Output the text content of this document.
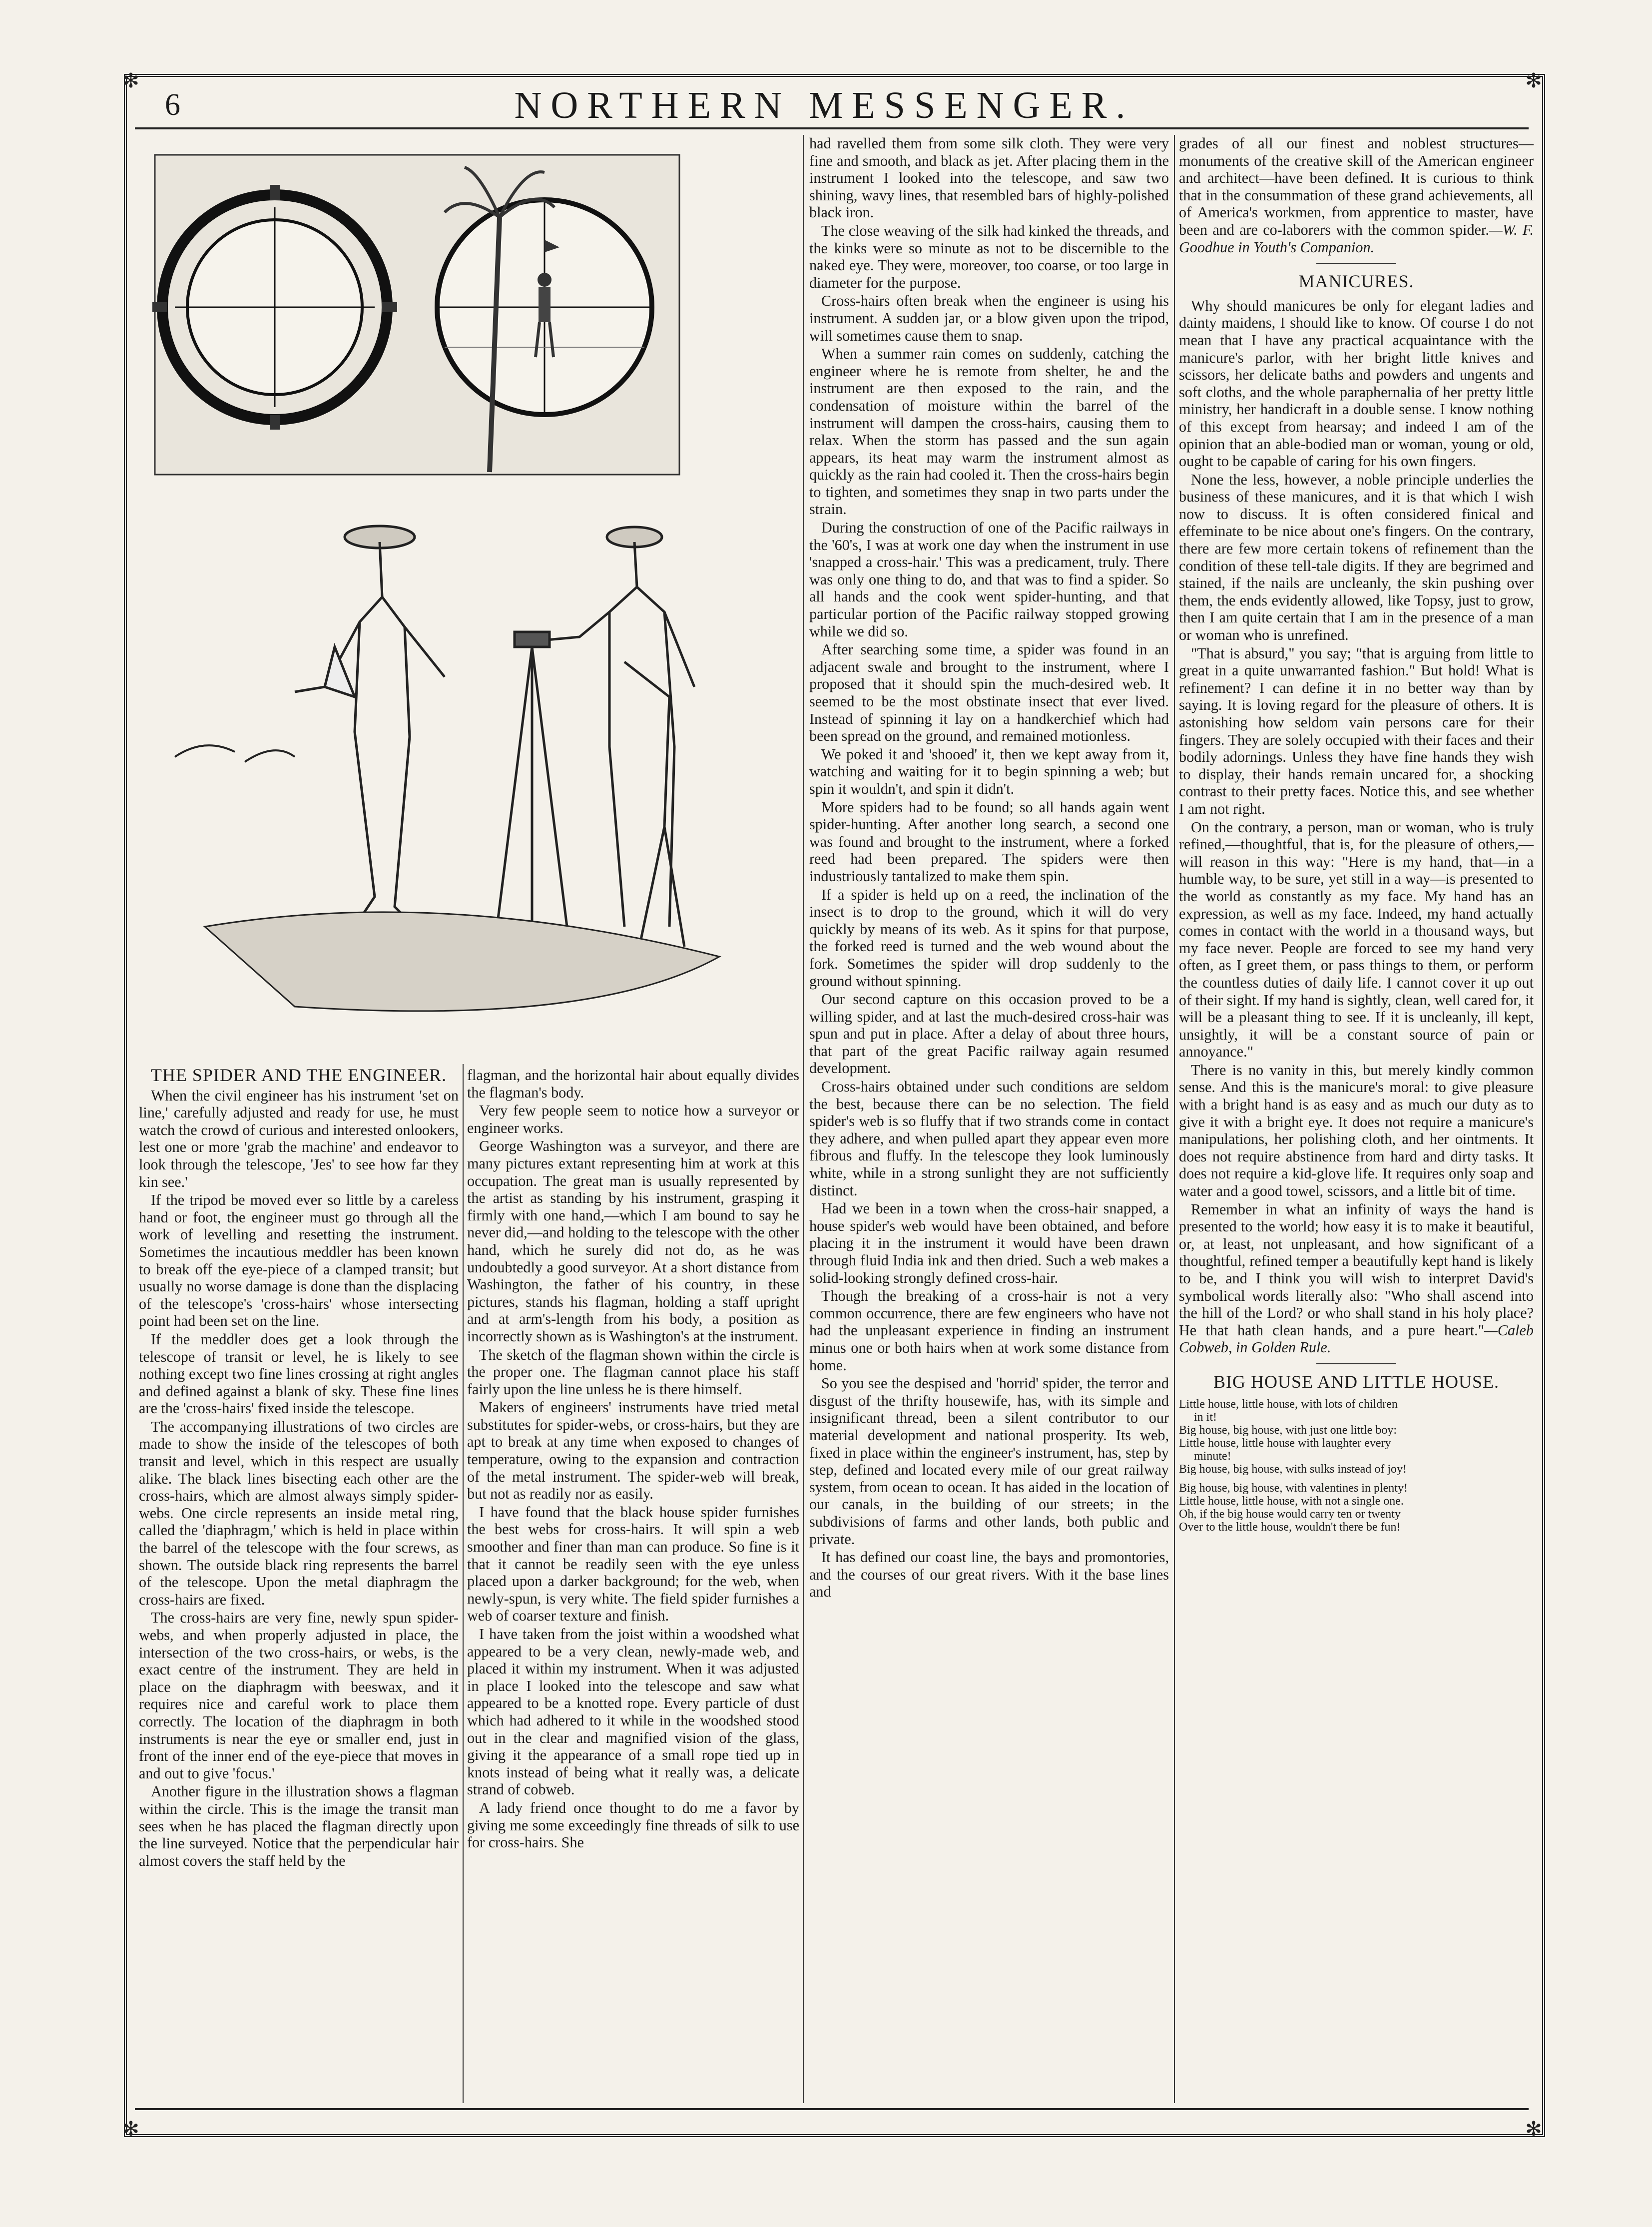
✻	✻
✻	✻
6	NORTHERN MESSENGER.
THE SPIDER AND THE ENGINEER.

When the civil engineer has his instrument 'set on line,' carefully adjusted and ready for use, he must watch the crowd of curious and interested onlookers, lest one or more 'grab the machine' and endeavor to look through the telescope, 'Jes' to see how far they kin see.'

If the tripod be moved ever so little by a careless hand or foot, the engineer must go through all the work of levelling and resetting the instrument. Sometimes the incautious meddler has been known to break off the eye-piece of a clamped transit; but usually no worse damage is done than the displacing of the telescope's 'cross-hairs' whose intersecting point had been set on the line.

If the meddler does get a look through the telescope of transit or level, he is likely to see nothing except two fine lines crossing at right angles and defined against a blank of sky. These fine lines are the 'cross-hairs' fixed inside the telescope.

The accompanying illustrations of two circles are made to show the inside of the telescopes of both transit and level, which in this respect are usually alike. The black lines bisecting each other are the cross-hairs, which are almost always simply spider-webs. One circle represents an inside metal ring, called the 'diaphragm,' which is held in place within the barrel of the telescope with the four screws, as shown. The outside black ring represents the barrel of the telescope. Upon the metal diaphragm the cross-hairs are fixed.

The cross-hairs are very fine, newly spun spider-webs, and when properly adjusted in place, the intersection of the two cross-hairs, or webs, is the exact centre of the instrument. They are held in place on the diaphragm with beeswax, and it requires nice and careful work to place them correctly. The location of the diaphragm in both instruments is near the eye or smaller end, just in front of the inner end of the eye-piece that moves in and out to give 'focus.'

Another figure in the illustration shows a flagman within the circle. This is the image the transit man sees when he has placed the flagman directly upon the line surveyed. Notice that the perpendicular hair almost covers the staff held by the

flagman, and the horizontal hair about equally divides the flagman's body.

Very few people seem to notice how a surveyor or engineer works.

George Washington was a surveyor, and there are many pictures extant representing him at work at this occupation. The great man is usually represented by the artist as standing by his instrument, grasping it firmly with one hand,—which I am bound to say he never did,—and holding to the telescope with the other hand, which he surely did not do, as he was undoubtedly a good surveyor. At a short distance from Washington, the father of his country, in these pictures, stands his flagman, holding a staff upright and at arm's-length from his body, a position as incorrectly shown as is Washington's at the instrument.

The sketch of the flagman shown within the circle is the proper one. The flagman cannot place his staff fairly upon the line unless he is there himself.

Makers of engineers' instruments have tried metal substitutes for spider-webs, or cross-hairs, but they are apt to break at any time when exposed to changes of temperature, owing to the expansion and contraction of the metal instrument. The spider-web will break, but not as readily nor as easily.

I have found that the black house spider furnishes the best webs for cross-hairs. It will spin a web smoother and finer than man can produce. So fine is it that it cannot be readily seen with the eye unless placed upon a darker background; for the web, when newly-spun, is very white. The field spider furnishes a web of coarser texture and finish.

I have taken from the joist within a woodshed what appeared to be a very clean, newly-made web, and placed it within my instrument. When it was adjusted in place I looked into the telescope and saw what appeared to be a knotted rope. Every particle of dust which had adhered to it while in the woodshed stood out in the clear and magnified vision of the glass, giving it the appearance of a small rope tied up in knots instead of being what it really was, a delicate strand of cobweb.

A lady friend once thought to do me a favor by giving me some exceedingly fine threads of silk to use for cross-hairs. She

had ravelled them from some silk cloth. They were very fine and smooth, and black as jet. After placing them in the instrument I looked into the telescope, and saw two shining, wavy lines, that resembled bars of highly-polished black iron.

The close weaving of the silk had kinked the threads, and the kinks were so minute as not to be discernible to the naked eye. They were, moreover, too coarse, or too large in diameter for the purpose.

Cross-hairs often break when the engineer is using his instrument. A sudden jar, or a blow given upon the tripod, will sometimes cause them to snap.

When a summer rain comes on suddenly, catching the engineer where he is remote from shelter, he and the instrument are then exposed to the rain, and the condensation of moisture within the barrel of the instrument will dampen the cross-hairs, causing them to relax. When the storm has passed and the sun again appears, its heat may warm the instrument almost as quickly as the rain had cooled it. Then the cross-hairs begin to tighten, and sometimes they snap in two parts under the strain.

During the construction of one of the Pacific railways in the '60's, I was at work one day when the instrument in use 'snapped a cross-hair.' This was a predicament, truly. There was only one thing to do, and that was to find a spider. So all hands and the cook went spider-hunting, and that particular portion of the Pacific railway stopped growing while we did so.

After searching some time, a spider was found in an adjacent swale and brought to the instrument, where I proposed that it should spin the much-desired web. It seemed to be the most obstinate insect that ever lived. Instead of spinning it lay on a handkerchief which had been spread on the ground, and remained motionless.

We poked it and 'shooed' it, then we kept away from it, watching and waiting for it to begin spinning a web; but spin it wouldn't, and spin it didn't.

More spiders had to be found; so all hands again went spider-hunting. After another long search, a second one was found and brought to the instrument, where a forked reed had been prepared. The spiders were then industriously tantalized to make them spin.

If a spider is held up on a reed, the inclination of the insect is to drop to the ground, which it will do very quickly by means of its web. As it spins for that purpose, the forked reed is turned and the web wound about the fork. Sometimes the spider will drop suddenly to the ground without spinning.

Our second capture on this occasion proved to be a willing spider, and at last the much-desired cross-hair was spun and put in place. After a delay of about three hours, that part of the great Pacific railway again resumed development.

Cross-hairs obtained under such conditions are seldom the best, because there can be no selection. The field spider's web is so fluffy that if two strands come in contact they adhere, and when pulled apart they appear even more fibrous and fluffy. In the telescope they look luminously white, while in a strong sunlight they are not sufficiently distinct.

Had we been in a town when the cross-hair snapped, a house spider's web would have been obtained, and before placing it in the instrument it would have been drawn through fluid India ink and then dried. Such a web makes a solid-looking strongly defined cross-hair.

Though the breaking of a cross-hair is not a very common occurrence, there are few engineers who have not had the unpleasant experience in finding an instrument minus one or both hairs when at work some distance from home.

So you see the despised and 'horrid' spider, the terror and disgust of the thrifty housewife, has, with its simple and insignificant thread, been a silent contributor to our material development and national prosperity. Its web, fixed in place within the engineer's instrument, has, step by step, defined and located every mile of our great railway system, from ocean to ocean. It has aided in the location of our canals, in the building of our streets; in the subdivisions of farms and other lands, both public and private.

It has defined our coast line, the bays and promontories, and the courses of our great rivers. With it the base lines and

grades of all our finest and noblest structures—monuments of the creative skill of the American engineer and architect—have been defined. It is curious to think that in the consummation of these grand achievements, all of America's workmen, from apprentice to master, have been and are co-laborers with the common spider.—W. F. Goodhue in Youth's Companion.

MANICURES.

Why should manicures be only for elegant ladies and dainty maidens, I should like to know. Of course I do not mean that I have any practical acquaintance with the manicure's parlor, with her bright little knives and scissors, her delicate baths and powders and ungents and soft cloths, and the whole paraphernalia of her pretty little ministry, her handicraft in a double sense. I know nothing of this except from hearsay; and indeed I am of the opinion that an able-bodied man or woman, young or old, ought to be capable of caring for his own fingers.

None the less, however, a noble principle underlies the business of these manicures, and it is that which I wish now to discuss. It is often considered finical and effeminate to be nice about one's fingers. On the contrary, there are few more certain tokens of refinement than the condition of these tell-tale digits. If they are begrimed and stained, if the nails are uncleanly, the skin pushing over them, the ends evidently allowed, like Topsy, just to grow, then I am quite certain that I am in the presence of a man or woman who is unrefined.

"That is absurd," you say; "that is arguing from little to great in a quite unwarranted fashion." But hold! What is refinement? I can define it in no better way than by saying. It is loving regard for the pleasure of others. It is astonishing how seldom vain persons care for their fingers. They are solely occupied with their faces and their bodily adornings. Unless they have fine hands they wish to display, their hands remain uncared for, a shocking contrast to their pretty faces. Notice this, and see whether I am not right.

On the contrary, a person, man or woman, who is truly refined,—thoughtful, that is, for the pleasure of others,—will reason in this way: "Here is my hand, that—in a humble way, to be sure, yet still in a way—is presented to the world as constantly as my face. My hand has an expression, as well as my face. Indeed, my hand actually comes in contact with the world in a thousand ways, but my face never. People are forced to see my hand very often, as I greet them, or pass things to them, or perform the countless duties of daily life. I cannot cover it up out of their sight. If my hand is sightly, clean, well cared for, it will be a pleasant thing to see. If it is uncleanly, ill kept, unsightly, it will be a constant source of pain or annoyance."

There is no vanity in this, but merely kindly common sense. And this is the manicure's moral: to give pleasure with a bright hand is as easy and as much our duty as to give it with a bright eye. It does not require a manicure's manipulations, her polishing cloth, and her ointments. It does not require abstinence from hard and dirty tasks. It does not require a kid-glove life. It requires only soap and water and a good towel, scissors, and a little bit of time.

Remember in what an infinity of ways the hand is presented to the world; how easy it is to make it beautiful, or, at least, not unpleasant, and how significant of a thoughtful, refined temper a beautifully kept hand is likely to be, and I think you will wish to interpret David's symbolical words literally also: "Who shall ascend into the hill of the Lord? or who shall stand in his holy place? He that hath clean hands, and a pure heart."—Caleb Cobweb, in Golden Rule.

BIG HOUSE AND LITTLE HOUSE.

Little house, little house, with lots of children

in it!

Big house, big house, with just one little boy:

Little house, little house with laughter every

minute!

Big house, big house, with sulks instead of joy!

Big house, big house, with valentines in plenty!

Little house, little house, with not a single one.

Oh, if the big house would carry ten or twenty

Over to the little house, wouldn't there be fun!
